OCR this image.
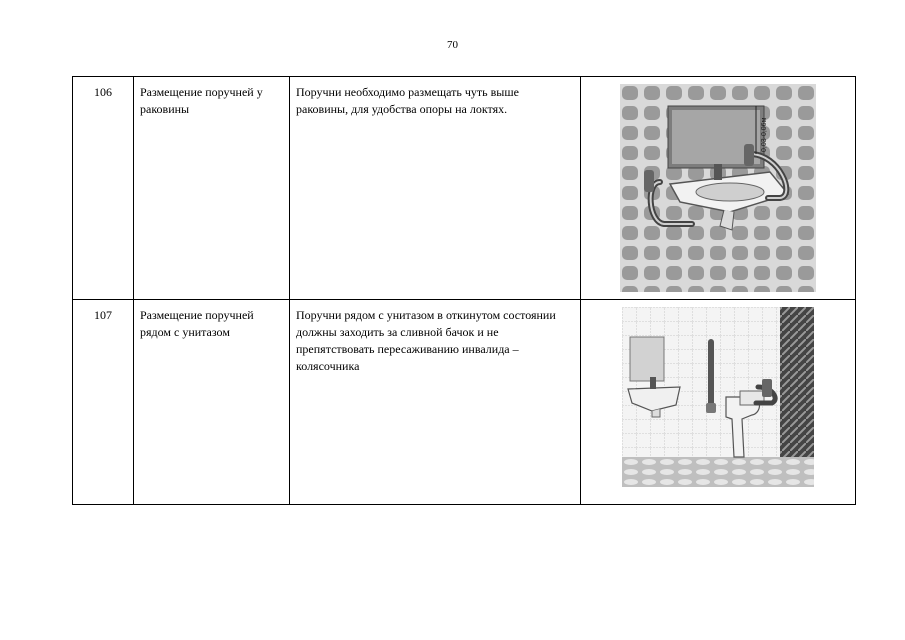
70
106	Размещение поручней у раковины	Поручни необходимо размещать чуть выше раковины, для удобства опоры на локтях.	0,03-0,06м

107	Размещение поручней рядом с унитазом	Поручни рядом с унитазом в откинутом состоянии должны заходить за сливной бачок и не препятствовать пересаживанию инвалида – колясочника	
